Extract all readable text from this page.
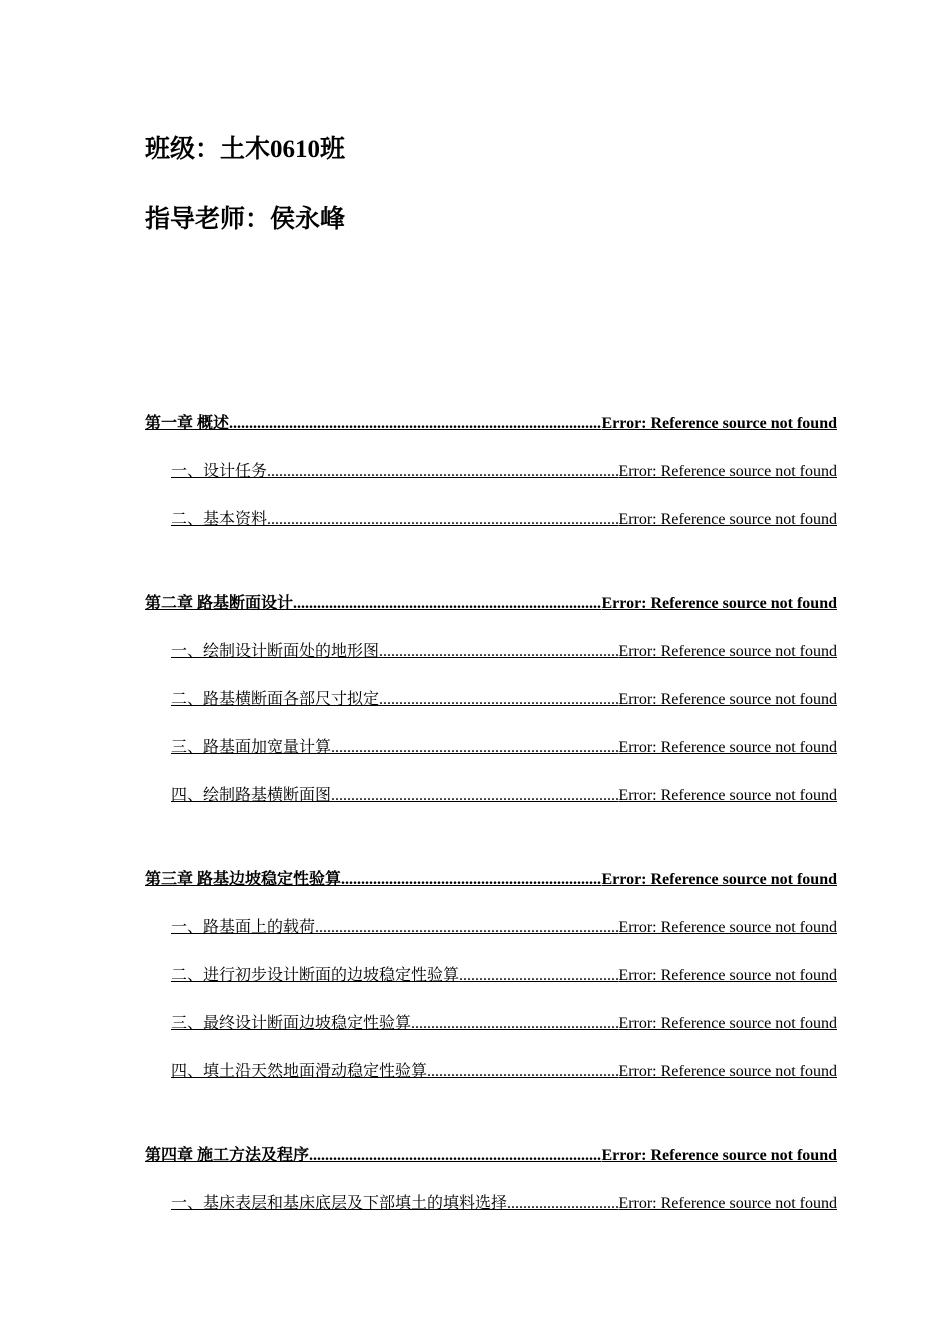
班级：土木0610班
指导老师：侯永峰
第一章 概述 .....	Error: Reference source not found
一、设计任务 .....	Error: Reference source not found
二、基本资料 .....	Error: Reference source not found
第二章 路基断面设计 .....	Error: Reference source not found
一、绘制设计断面处的地形图 .....	Error: Reference source not found
二、路基横断面各部尺寸拟定 .....	Error: Reference source not found
三、路基面加宽量计算 .....	Error: Reference source not found
四、绘制路基横断面图 .....	Error: Reference source not found
第三章 路基边坡稳定性验算 .....	Error: Reference source not found
一、路基面上的载荷 .....	Error: Reference source not found
二、进行初步设计断面的边坡稳定性验算 .....	Error: Reference source not found
三、最终设计断面边坡稳定性验算 .....	Error: Reference source not found
四、填土沿天然地面滑动稳定性验算 .....	Error: Reference source not found
第四章 施工方法及程序 .....	Error: Reference source not found
一、基床表层和基床底层及下部填土的填料选择 .....	Error: Reference source not found
